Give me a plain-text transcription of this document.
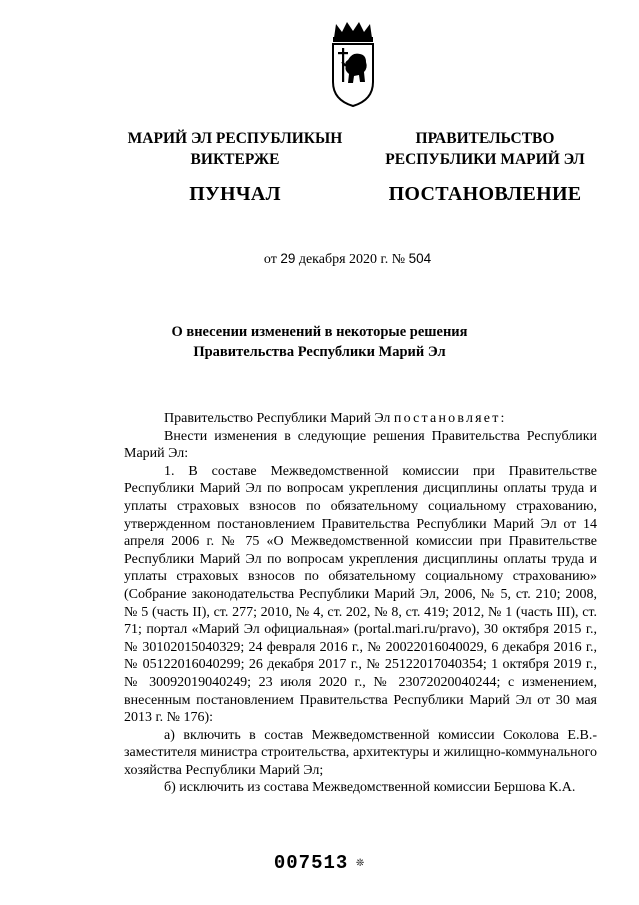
МАРИЙ ЭЛ РЕСПУБЛИКЫН
ВИКТЕРЖЕ
ПУНЧАЛ
ПРАВИТЕЛЬСТВО
РЕСПУБЛИКИ МАРИЙ ЭЛ
ПОСТАНОВЛЕНИЕ
от 29 декабря 2020 г. № 504
О внесении изменений в некоторые решения
Правительства Республики Марий Эл

Правительство Республики Марий Эл постановляет:

Внести изменения в следующие решения Правительства Республики Марий Эл:

1. В составе Межведомственной комиссии при Правительстве Республики Марий Эл по вопросам укрепления дисциплины оплаты труда и уплаты страховых взносов по обязательному социальному страхованию, утвержденном постановлением Правительства Республики Марий Эл от 14 апреля 2006 г. № 75 «О Межведомственной комиссии при Правительстве Республики Марий Эл по вопросам укрепления дисциплины оплаты труда и уплаты страховых взносов по обязательному социальному страхованию» (Собрание законодательства Республики Марий Эл, 2006, № 5, ст. 210; 2008, № 5 (часть II), ст. 277; 2010, № 4, ст. 202, № 8, ст. 419; 2012, № 1 (часть III), ст. 71; портал «Марий Эл официальная» (portal.mari.ru/pravo), 30 октября 2015 г., № 30102015040329; 24 февраля 2016 г., № 20022016040029, 6 декабря 2016 г., № 05122016040299; 26 декабря 2017 г., № 25122017040354; 1 октября 2019 г., № 30092019040249; 23 июля 2020 г., № 23072020040244; с изменением, внесенным постановлением Правительства Республики Марий Эл от 30 мая 2013 г. № 176):

а) включить в состав Межведомственной комиссии Соколова Е.В.- заместителя министра строительства, архитектуры и жилищно-коммунального хозяйства Республики Марий Эл;

б) исключить из состава Межведомственной комиссии Бершова К.А.

007513 ❊
